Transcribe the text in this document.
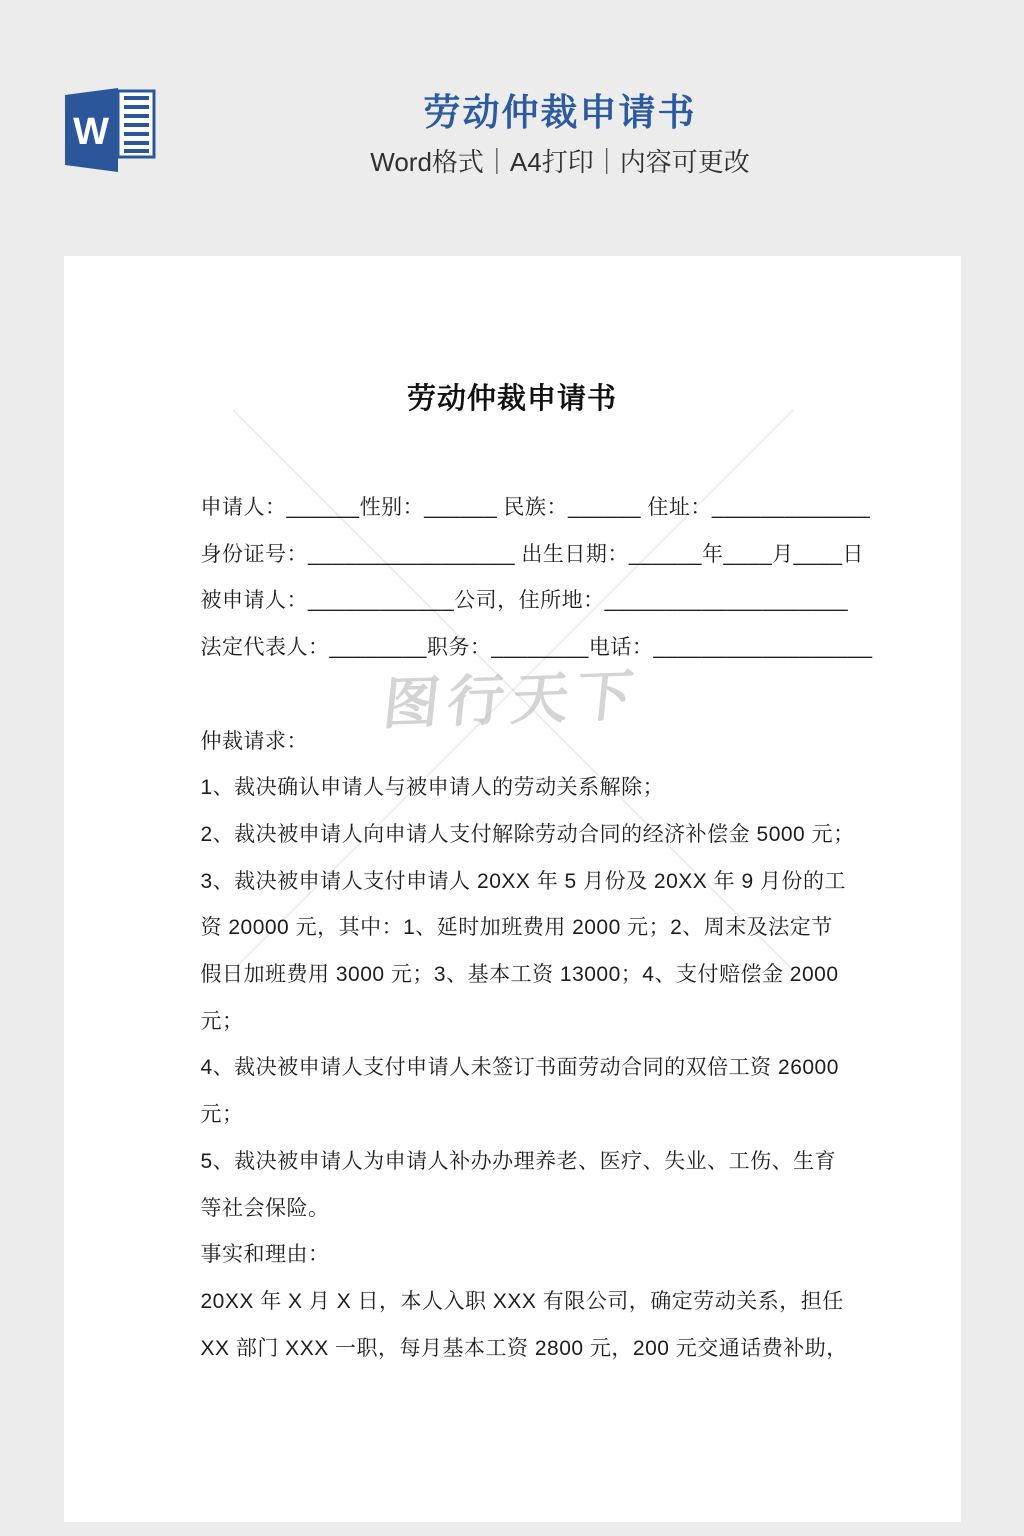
W	劳动仲裁申请书
Word格式｜A4打印｜内容可更改
图行天下
劳动仲裁申请书
申请人：______性别：______ 民族：______ 住址：_____________
身份证号：_________________ 出生日期：______年____月____日
被申请人：____________公司，住所地：____________________
法定代表人：________职务：________电话：__________________
仲裁请求：
1、裁决确认申请人与被申请人的劳动关系解除；
2、裁决被申请人向申请人支付解除劳动合同的经济补偿金 5000 元；
3、裁决被申请人支付申请人 20XX 年 5 月份及 20XX 年 9 月份的工
资 20000 元，其中：1、延时加班费用 2000 元；2、周末及法定节
假日加班费用 3000 元；3、基本工资 13000；4、支付赔偿金 2000
元；
4、裁决被申请人支付申请人未签订书面劳动合同的双倍工资 26000
元；
5、裁决被申请人为申请人补办办理养老、医疗、失业、工伤、生育
等社会保险。
事实和理由：
20XX 年 X 月 X 日，本人入职 XXX 有限公司，确定劳动关系，担任
XX 部门 XXX 一职，每月基本工资 2800 元，200 元交通话费补助，
